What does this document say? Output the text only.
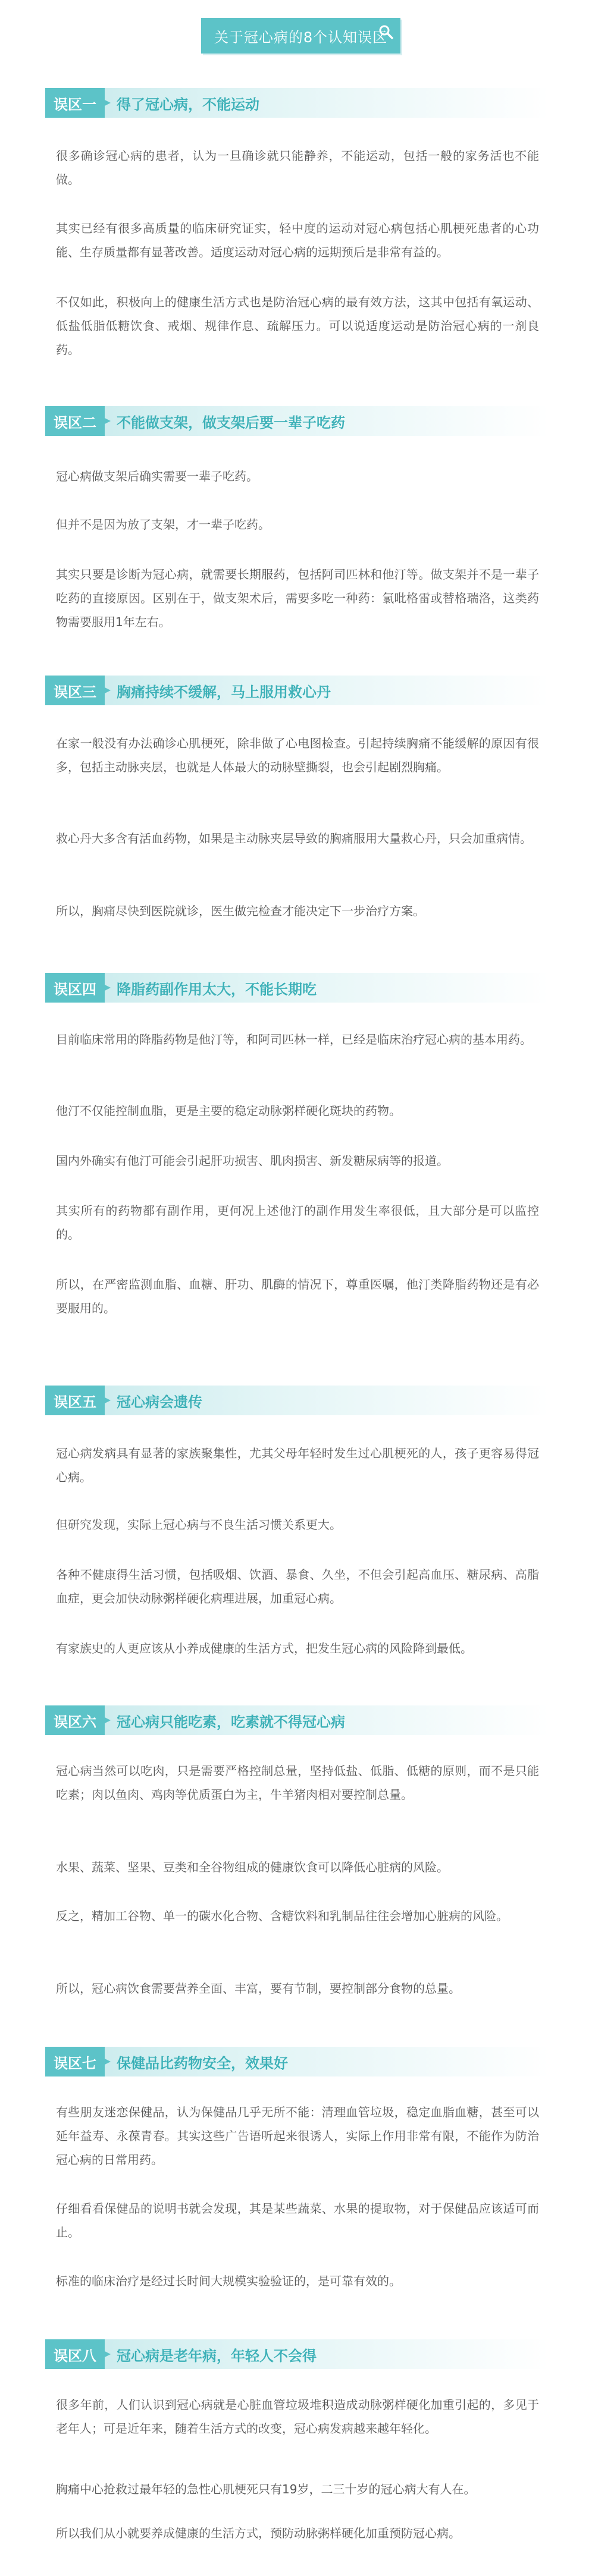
关于冠心病的8个认知误区
误区一	得了冠心病，不能运动

很多确诊冠心病的患者，认为一旦确诊就只能静养，不能运动，包括一般的家务活也不能做。

其实已经有很多高质量的临床研究证实，轻中度的运动对冠心病包括心肌梗死患者的心功能、生存质量都有显著改善。适度运动对冠心病的远期预后是非常有益的。

不仅如此，积极向上的健康生活方式也是防治冠心病的最有效方法，这其中包括有氧运动、低盐低脂低糖饮食、戒烟、规律作息、疏解压力。可以说适度运动是防治冠心病的一剂良药。

误区二	不能做支架，做支架后要一辈子吃药

冠心病做支架后确实需要一辈子吃药。

但并不是因为放了支架，才一辈子吃药。

其实只要是诊断为冠心病，就需要长期服药，包括阿司匹林和他汀等。做支架并不是一辈子吃药的直接原因。区别在于，做支架术后，需要多吃一种药：氯吡格雷或替格瑞洛，这类药物需要服用1年左右。

误区三	胸痛持续不缓解，马上服用救心丹

在家一般没有办法确诊心肌梗死，除非做了心电图检查。引起持续胸痛不能缓解的原因有很多，包括主动脉夹层，也就是人体最大的动脉壁撕裂，也会引起剧烈胸痛。

救心丹大多含有活血药物，如果是主动脉夹层导致的胸痛服用大量救心丹，只会加重病情。

所以，胸痛尽快到医院就诊，医生做完检查才能决定下一步治疗方案。

误区四	降脂药副作用太大，不能长期吃

目前临床常用的降脂药物是他汀等，和阿司匹林一样，已经是临床治疗冠心病的基本用药。

他汀不仅能控制血脂，更是主要的稳定动脉粥样硬化斑块的药物。

国内外确实有他汀可能会引起肝功损害、肌肉损害、新发糖尿病等的报道。

其实所有的药物都有副作用，更何况上述他汀的副作用发生率很低，且大部分是可以监控的。

所以，在严密监测血脂、血糖、肝功、肌酶的情况下，尊重医嘱，他汀类降脂药物还是有必要服用的。

误区五	冠心病会遗传

冠心病发病具有显著的家族聚集性，尤其父母年轻时发生过心肌梗死的人，孩子更容易得冠心病。

但研究发现，实际上冠心病与不良生活习惯关系更大。

各种不健康得生活习惯，包括吸烟、饮酒、暴食、久坐，不但会引起高血压、糖尿病、高脂血症，更会加快动脉粥样硬化病理进展，加重冠心病。

有家族史的人更应该从小养成健康的生活方式，把发生冠心病的风险降到最低。

误区六	冠心病只能吃素，吃素就不得冠心病

冠心病当然可以吃肉，只是需要严格控制总量，坚持低盐、低脂、低糖的原则，而不是只能吃素；肉以鱼肉、鸡肉等优质蛋白为主，牛羊猪肉相对要控制总量。

水果、蔬菜、坚果、豆类和全谷物组成的健康饮食可以降低心脏病的风险。

反之，精加工谷物、单一的碳水化合物、含糖饮料和乳制品往往会增加心脏病的风险。

所以，冠心病饮食需要营养全面、丰富，要有节制，要控制部分食物的总量。

误区七	保健品比药物安全，效果好

有些朋友迷恋保健品，认为保健品几乎无所不能：清理血管垃圾，稳定血脂血糖，甚至可以延年益寿、永葆青春。其实这些广告语听起来很诱人，实际上作用非常有限，不能作为防治冠心病的日常用药。

仔细看看保健品的说明书就会发现，其是某些蔬菜、水果的提取物，对于保健品应该适可而止。

标准的临床治疗是经过长时间大规模实验验证的，是可靠有效的。

误区八	冠心病是老年病，年轻人不会得

很多年前，人们认识到冠心病就是心脏血管垃圾堆积造成动脉粥样硬化加重引起的，多见于老年人；可是近年来，随着生活方式的改变，冠心病发病越来越年轻化。

胸痛中心抢救过最年轻的急性心肌梗死只有19岁，二三十岁的冠心病大有人在。

所以我们从小就要养成健康的生活方式，预防动脉粥样硬化加重预防冠心病。
